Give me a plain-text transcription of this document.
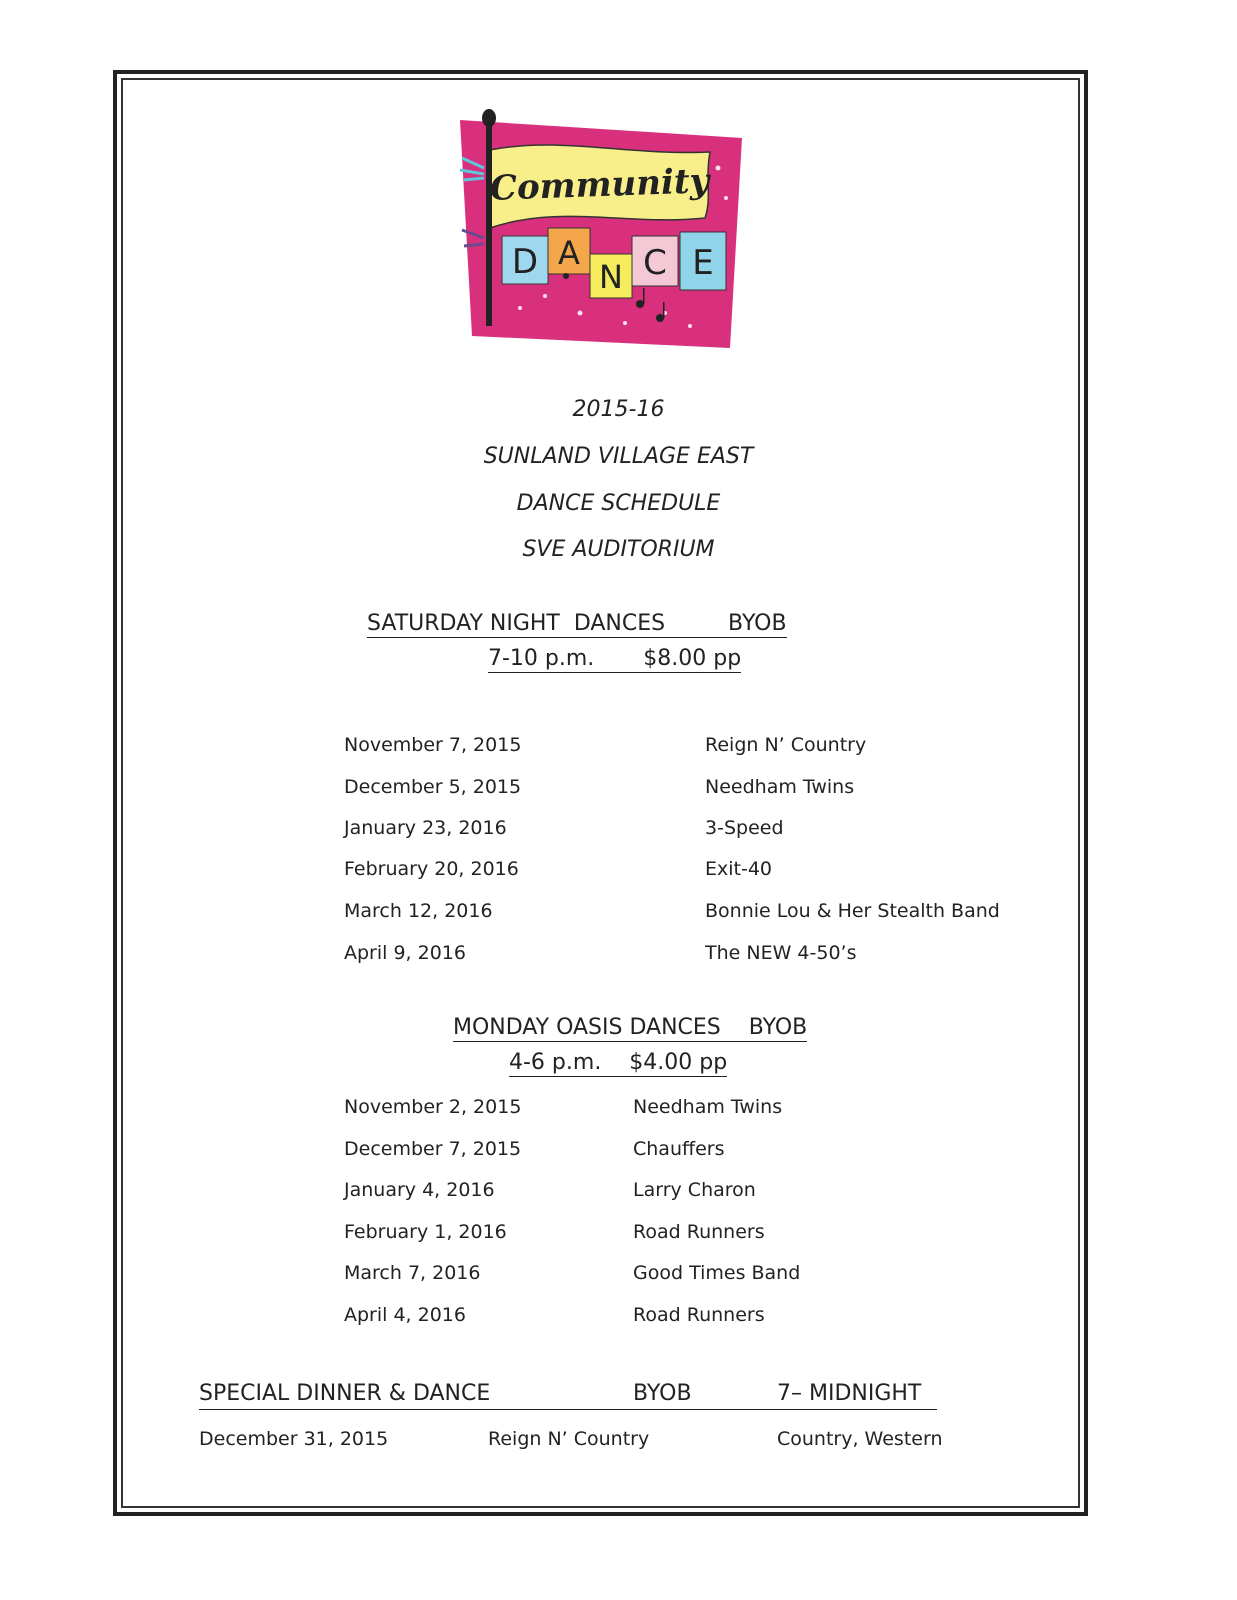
Community
D A
N C E
2015-16
SUNLAND VILLAGE EAST
DANCE SCHEDULE
SVE AUDITORIUM
SATURDAY NIGHT  DANCES         BYOB
7-10 p.m.       $8.00 pp
November 7, 2015	Reign N’ Country
December 5, 2015	Needham Twins
January 23, 2016	3-Speed
February 20, 2016	Exit-40
March 12, 2016	Bonnie Lou & Her Stealth Band
April 9, 2016	The NEW 4-50’s
MONDAY OASIS DANCES    BYOB
4-6 p.m.    $4.00 pp
November 2, 2015	Needham Twins
December 7, 2015	Chauffers
January 4, 2016	Larry Charon
February 1, 2016	Road Runners
March 7, 2016	Good Times Band
April 4, 2016	Road Runners
SPECIAL DINNER & DANCE	BYOB	7– MIDNIGHT
December 31, 2015	Reign N’ Country	Country, Western
